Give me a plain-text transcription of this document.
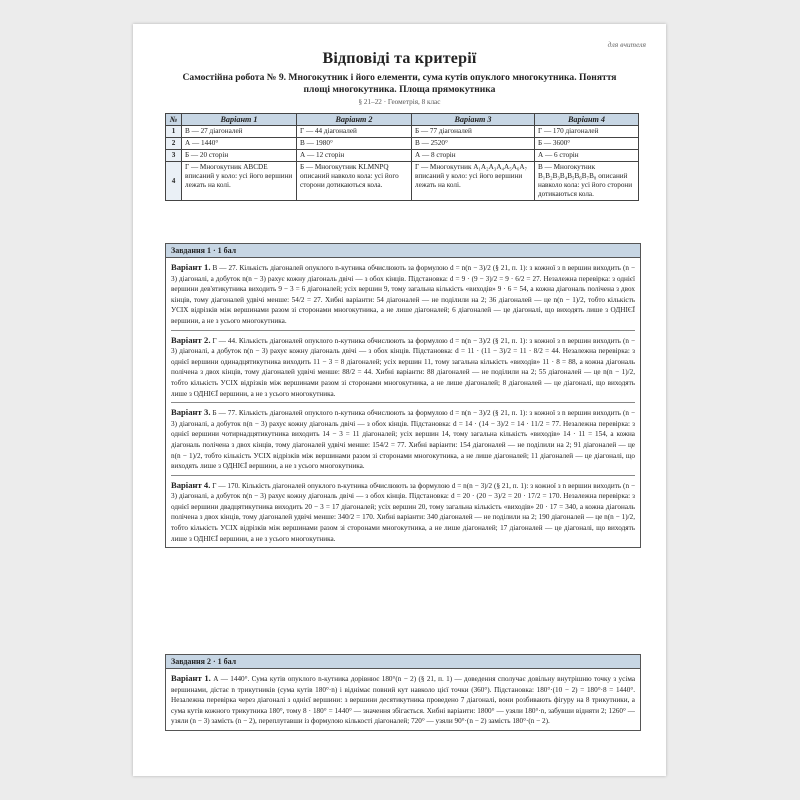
для вчителя
Відповіді та критерії
Самостійна робота № 9. Многокутник і його елементи, сума кутів опуклого многокутника. Поняття площі многокутника. Площа прямокутника
§ 21–22 · Геометрія, 8 клас
№	Варіант 1	Варіант 2	Варіант 3	Варіант 4
1	В — 27 діагоналей	Г — 44 діагоналей	Б — 77 діагоналей	Г — 170 діагоналей
2	А — 1440°	В — 1980°	В — 2520°	Б — 3600°
3	Б — 20 сторін	А — 12 сторін	А — 8 сторін	А — 6 сторін
4	Г — Многокутник ABCDE вписаний у коло: усі його вершини лежать на колі.	Б — Многокутник KLMNPQ описаний навколо кола: усі його сторони дотикаються кола.	Г — Многокутник A₁A₂A₃A₄A₅A₆A₇ вписаний у коло: усі його вершини лежать на колі.	В — Многокутник B₁B₂B₃B₄B₅B₆B₇B₈ описаний навколо кола: усі його сторони дотикаються кола.
Завдання 1 · 1 бал
Варіант 1. В — 27. Кількість діагоналей опуклого n-кутника обчислюють за формулою d = n(n − 3)/2 (§ 21, п. 1): з кожної з n вершин виходить (n − 3) діагоналі, а добуток n(n − 3) рахує кожну діагональ двічі — з обох кінців. Підстановка: d = 9 · (9 − 3)/2 = 9 · 6/2 = 27. Незалежна перевірка: з однієї вершини дев'ятикутника виходить 9 − 3 = 6 діагоналей; усіх вершин 9, тому загальна кількість «виходів» 9 · 6 = 54, а кожна діагональ полічена з двох кінців, тому діагоналей удвічі менше: 54/2 = 27. Хибні варіанти: 54 діагоналей — не поділили на 2; 36 діагоналей — це n(n − 1)/2, тобто кількість УСІХ відрізків між вершинами разом зі сторонами многокутника, а не лише діагоналей; 6 діагоналей — це діагоналі, що виходять лише з ОДНІЄЇ вершини, а не з усього многокутника.
Варіант 2. Г — 44. Кількість діагоналей опуклого n-кутника обчислюють за формулою d = n(n − 3)/2 (§ 21, п. 1): з кожної з n вершин виходить (n − 3) діагоналі, а добуток n(n − 3) рахує кожну діагональ двічі — з обох кінців. Підстановка: d = 11 · (11 − 3)/2 = 11 · 8/2 = 44. Незалежна перевірка: з однієї вершини одинадцятикутника виходить 11 − 3 = 8 діагоналей; усіх вершин 11, тому загальна кількість «виходів» 11 · 8 = 88, а кожна діагональ полічена з двох кінців, тому діагоналей удвічі менше: 88/2 = 44. Хибні варіанти: 88 діагоналей — не поділили на 2; 55 діагоналей — це n(n − 1)/2, тобто кількість УСІХ відрізків між вершинами разом зі сторонами многокутника, а не лише діагоналей; 8 діагоналей — це діагоналі, що виходять лише з ОДНІЄЇ вершини, а не з усього многокутника.
Варіант 3. Б — 77. Кількість діагоналей опуклого n-кутника обчислюють за формулою d = n(n − 3)/2 (§ 21, п. 1): з кожної з n вершин виходить (n − 3) діагоналі, а добуток n(n − 3) рахує кожну діагональ двічі — з обох кінців. Підстановка: d = 14 · (14 − 3)/2 = 14 · 11/2 = 77. Незалежна перевірка: з однієї вершини чотирнадцятикутника виходить 14 − 3 = 11 діагоналей; усіх вершин 14, тому загальна кількість «виходів» 14 · 11 = 154, а кожна діагональ полічена з двох кінців, тому діагоналей удвічі менше: 154/2 = 77. Хибні варіанти: 154 діагоналей — не поділили на 2; 91 діагоналей — це n(n − 1)/2, тобто кількість УСІХ відрізків між вершинами разом зі сторонами многокутника, а не лише діагоналей; 11 діагоналей — це діагоналі, що виходять лише з ОДНІЄЇ вершини, а не з усього многокутника.
Варіант 4. Г — 170. Кількість діагоналей опуклого n-кутника обчислюють за формулою d = n(n − 3)/2 (§ 21, п. 1): з кожної з n вершин виходить (n − 3) діагоналі, а добуток n(n − 3) рахує кожну діагональ двічі — з обох кінців. Підстановка: d = 20 · (20 − 3)/2 = 20 · 17/2 = 170. Незалежна перевірка: з однієї вершини двадцятикутника виходить 20 − 3 = 17 діагоналей; усіх вершин 20, тому загальна кількість «виходів» 20 · 17 = 340, а кожна діагональ полічена з двох кінців, тому діагоналей удвічі менше: 340/2 = 170. Хибні варіанти: 340 діагоналей — не поділили на 2; 190 діагоналей — це n(n − 1)/2, тобто кількість УСІХ відрізків між вершинами разом зі сторонами многокутника, а не лише діагоналей; 17 діагоналей — це діагоналі, що виходять лише з ОДНІЄЇ вершини, а не з усього многокутника.
Завдання 2 · 1 бал
Варіант 1. А — 1440°. Сума кутів опуклого n-кутника дорівнює 180°(n − 2) (§ 21, п. 1) — доведення сполучає довільну внутрішню точку з усіма вершинами, дістає n трикутників (сума кутів 180°·n) і віднімає повний кут навколо цієї точки (360°). Підстановка: 180°·(10 − 2) = 180°·8 = 1440°. Незалежна перевірка через діагоналі з однієї вершини: з вершини десятикутника проведено 7 діагоналі, вони розбивають фігуру на 8 трикутники, а сума кутів кожного трикутника 180°, тому 8 · 180° = 1440° — значення збігається. Хибні варіанти: 1800° — узяли 180°·n, забувши відняти 2; 1260° — узяли (n − 3) замість (n − 2), переплутавши із формулою кількості діагоналей; 720° — узяли 90°·(n − 2) замість 180°·(n − 2).
